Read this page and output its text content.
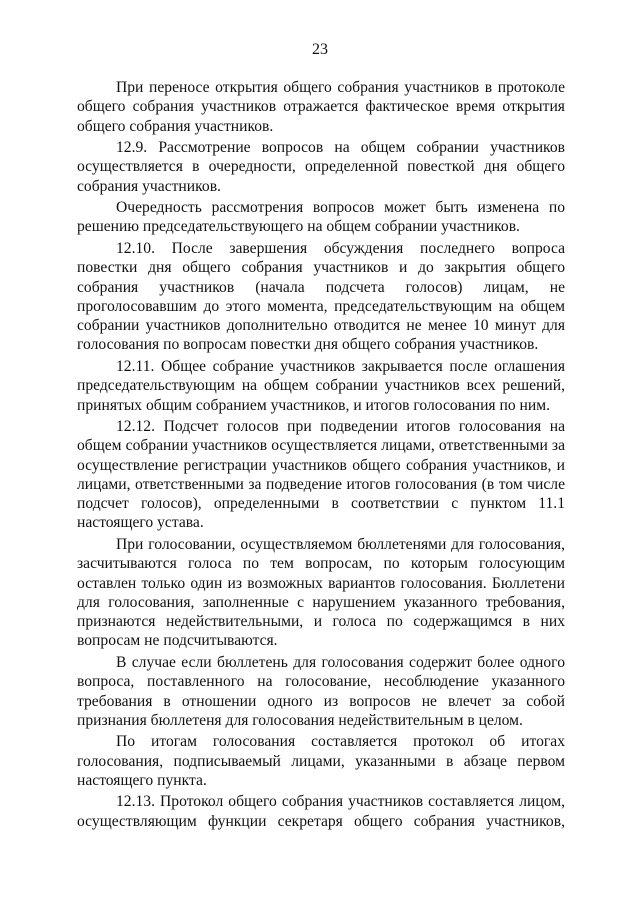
23

При переносе открытия общего собрания участников в протоколе общего собрания участников отражается фактическое время открытия общего собрания участников.

12.9. Рассмотрение вопросов на общем собрании участников осуществляется в очередности, определенной повесткой дня общего собрания участников.

Очередность рассмотрения вопросов может быть изменена по решению председательствующего на общем собрании участников.

12.10. После завершения обсуждения последнего вопроса повестки дня общего собрания участников и до закрытия общего собрания участников (начала подсчета голосов) лицам, не проголосовавшим до этого момента, председательствующим на общем собрании участников дополнительно отводится не менее 10 минут для голосования по вопросам повестки дня общего собрания участников.

12.11. Общее собрание участников закрывается после оглашения председательствующим на общем собрании участников всех решений, принятых общим собранием участников, и итогов голосования по ним.

12.12. Подсчет голосов при подведении итогов голосования на общем собрании участников осуществляется лицами, ответственными за осуществление регистрации участников общего собрания участников, и лицами, ответственными за подведение итогов голосования (в том числе подсчет голосов), определенными в соответствии с пунктом 11.1 настоящего устава.

При голосовании, осуществляемом бюллетенями для голосования, засчитываются голоса по тем вопросам, по которым голосующим оставлен только один из возможных вариантов голосования. Бюллетени для голосования, заполненные с нарушением указанного требования, признаются недействительными, и голоса по содержащимся в них вопросам не подсчитываются.

В случае если бюллетень для голосования содержит более одного вопроса, поставленного на голосование, несоблюдение указанного требования в отношении одного из вопросов не влечет за собой признания бюллетеня для голосования недействительным в целом.

По итогам голосования составляется протокол об итогах голосования, подписываемый лицами, указанными в абзаце первом настоящего пункта.

12.13. Протокол общего собрания участников составляется лицом, осуществляющим функции секретаря общего собрания участников,
